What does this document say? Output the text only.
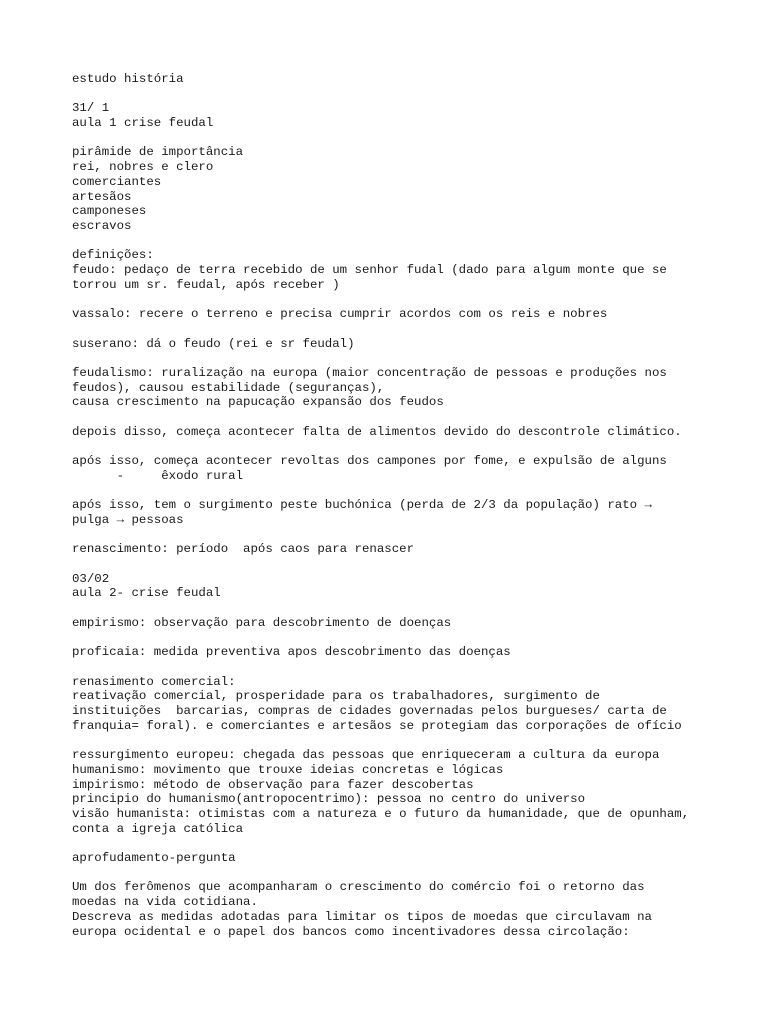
estudo história
31/ 1
aula 1 crise feudal
pirâmide de importância
rei, nobres e clero
comerciantes
artesãos
camponeses
escravos
definições:
feudo: pedaço de terra recebido de um senhor fudal (dado para algum monte que se
torrou um sr. feudal, após receber )
vassalo: recere o terreno e precisa cumprir acordos com os reis e nobres
suserano: dá o feudo (rei e sr feudal)
feudalismo: ruralização na europa (maior concentração de pessoas e produções nos
feudos), causou estabilidade (seguranças),
causa crescimento na papucação expansão dos feudos
depois disso, começa acontecer falta de alimentos devido do descontrole climático.
após isso, começa acontecer revoltas dos campones por fome, e expulsão de alguns
-     êxodo rural
após isso, tem o surgimento peste buchónica (perda de 2/3 da população) rato →
pulga → pessoas
renascimento: período  após caos para renascer
03/02
aula 2- crise feudal
empirismo: observação para descobrimento de doenças
proficaia: medida preventiva apos descobrimento das doenças
renasimento comercial:
reativação comercial, prosperidade para os trabalhadores, surgimento de
instituições  barcarias, compras de cidades governadas pelos burgueses/ carta de
franquia= foral). e comerciantes e artesãos se protegiam das corporações de ofício
ressurgimento europeu: chegada das pessoas que enriqueceram a cultura da europa
humanismo: movimento que trouxe ideias concretas e lógicas
impirismo: método de observação para fazer descobertas
principio do humanismo(antropocentrimo): pessoa no centro do universo
visão humanista: otimistas com a natureza e o futuro da humanidade, que de opunham,
conta a igreja católica
aprofudamento-pergunta
Um dos ferômenos que acompanharam o crescimento do comércio foi o retorno das
moedas na vida cotidiana.
Descreva as medidas adotadas para limitar os tipos de moedas que circulavam na
europa ocidental e o papel dos bancos como incentivadores dessa circolação:
